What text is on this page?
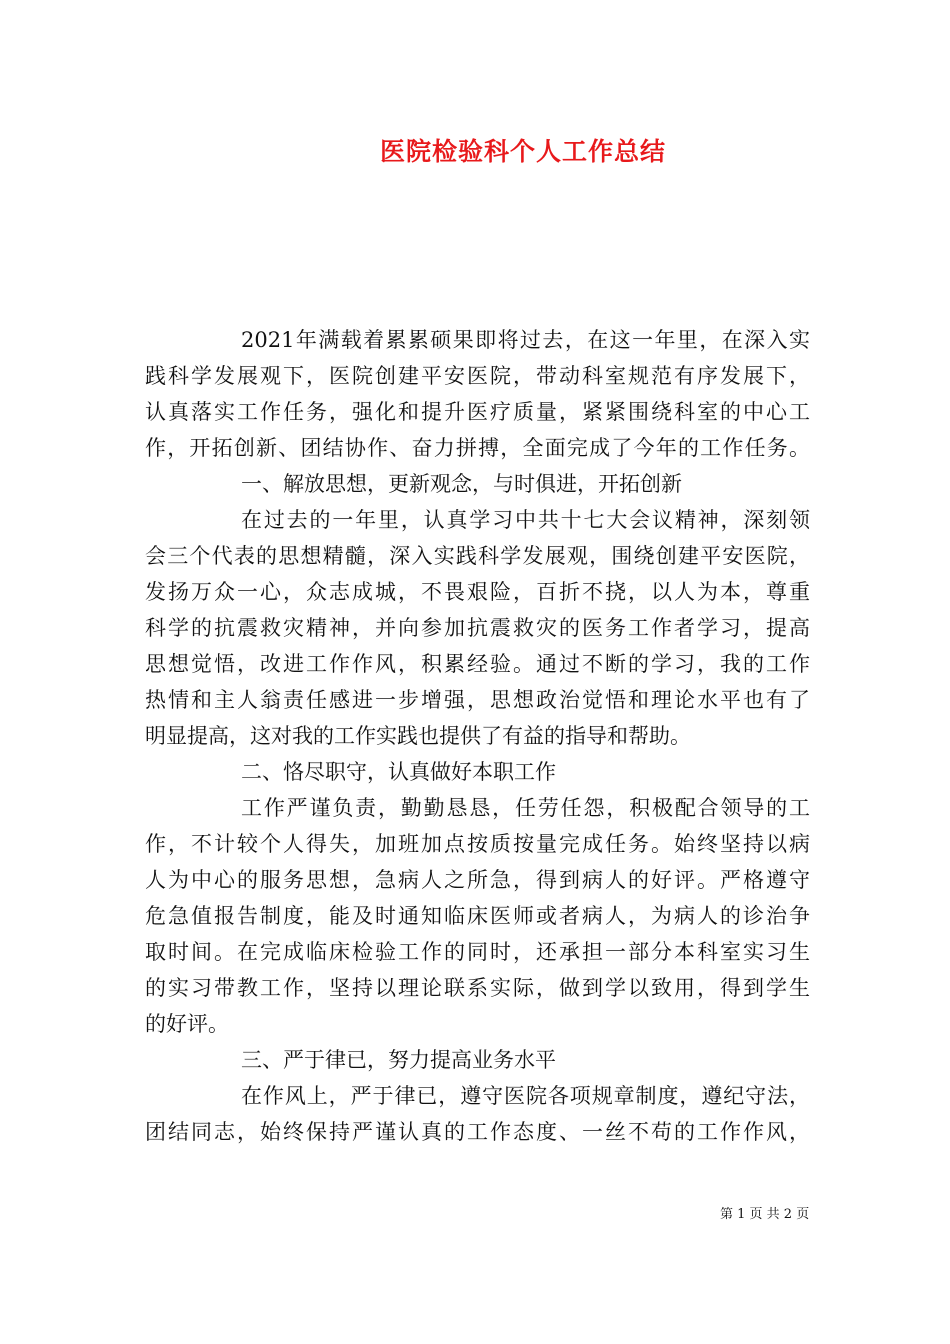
医院检验科个人工作总结
2021年满载着累累硕果即将过去，在这一年里，在深入实
践科学发展观下，医院创建平安医院，带动科室规范有序发展下，
认真落实工作任务，强化和提升医疗质量，紧紧围绕科室的中心工
作，开拓创新、团结协作、奋力拼搏，全面完成了今年的工作任务。
一、解放思想，更新观念，与时俱进，开拓创新
在过去的一年里，认真学习中共十七大会议精神，深刻领
会三个代表的思想精髓，深入实践科学发展观，围绕创建平安医院，
发扬万众一心，众志成城，不畏艰险，百折不挠，以人为本，尊重
科学的抗震救灾精神，并向参加抗震救灾的医务工作者学习，提高
思想觉悟，改进工作作风，积累经验。通过不断的学习，我的工作
热情和主人翁责任感进一步增强，思想政治觉悟和理论水平也有了
明显提高，这对我的工作实践也提供了有益的指导和帮助。
二、恪尽职守，认真做好本职工作
工作严谨负责，勤勤恳恳，任劳任怨，积极配合领导的工
作，不计较个人得失，加班加点按质按量完成任务。始终坚持以病
人为中心的服务思想，急病人之所急，得到病人的好评。严格遵守
危急值报告制度，能及时通知临床医师或者病人，为病人的诊治争
取时间。在完成临床检验工作的同时，还承担一部分本科室实习生
的实习带教工作，坚持以理论联系实际，做到学以致用，得到学生
的好评。
三、严于律已，努力提高业务水平
在作风上，严于律已，遵守医院各项规章制度，遵纪守法，
团结同志，始终保持严谨认真的工作态度、一丝不苟的工作作风，
第 1 页 共 2 页
